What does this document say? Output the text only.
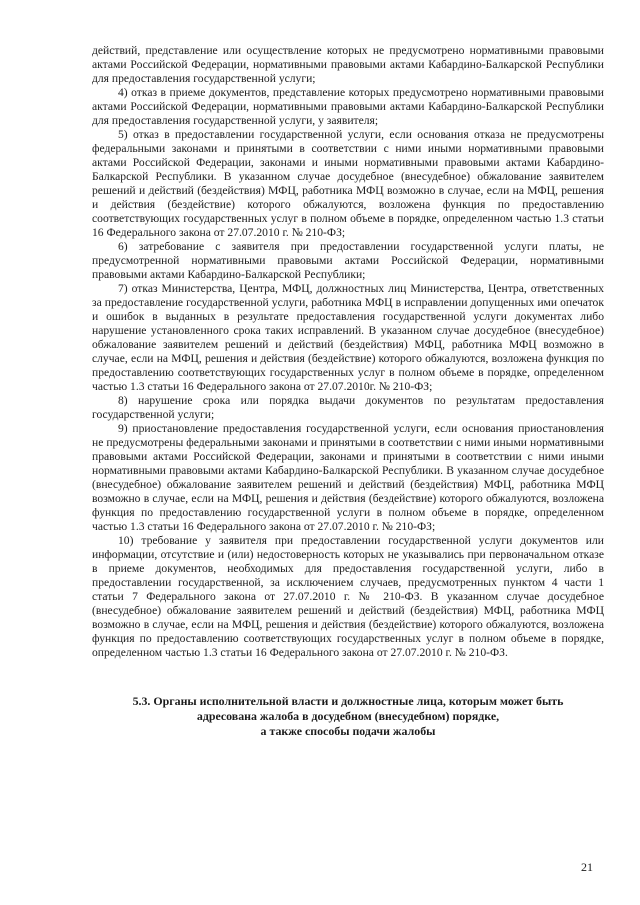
действий, представление или осуществление которых не предусмотрено нормативными правовыми актами Российской Федерации, нормативными правовыми актами Кабардино-Балкарской Республики для предоставления государственной услуги;

4) отказ в приеме документов, представление которых предусмотрено нормативными правовыми актами Российской Федерации, нормативными правовыми актами Кабардино-Балкарской Республики для предоставления государственной услуги, у заявителя;

5) отказ в предоставлении государственной услуги, если основания отказа не предусмотрены федеральными законами и принятыми в соответствии с ними иными нормативными правовыми актами Российской Федерации, законами и иными нормативными правовыми актами Кабардино-Балкарской Республики. В указанном случае досудебное (внесудебное) обжалование заявителем решений и действий (бездействия) МФЦ, работника МФЦ возможно в случае, если на МФЦ, решения и действия (бездействие) которого обжалуются, возложена функция по предоставлению соответствующих государственных услуг в полном объеме в порядке, определенном частью 1.3 статьи 16 Федерального закона от 27.07.2010 г. № 210-ФЗ;

6) затребование с заявителя при предоставлении государственной услуги платы, не предусмотренной нормативными правовыми актами Российской Федерации, нормативными правовыми актами Кабардино-Балкарской Республики;

7) отказ Министерства, Центра, МФЦ, должностных лиц Министерства, Центра, ответственных за предоставление государственной услуги, работника МФЦ в исправлении допущенных ими опечаток и ошибок в выданных в результате предоставления государственной услуги документах либо нарушение установленного срока таких исправлений. В указанном случае досудебное (внесудебное) обжалование заявителем решений и действий (бездействия) МФЦ, работника МФЦ возможно в случае, если на МФЦ, решения и действия (бездействие) которого обжалуются, возложена функция по предоставлению соответствующих государственных услуг в полном объеме в порядке, определенном частью 1.3 статьи 16 Федерального закона от 27.07.2010г. № 210-ФЗ;

8) нарушение срока или порядка выдачи документов по результатам предоставления государственной услуги;

9) приостановление предоставления государственной услуги, если основания приостановления не предусмотрены федеральными законами и принятыми в соответствии с ними иными нормативными правовыми актами Российской Федерации, законами и принятыми в соответствии с ними иными нормативными правовыми актами Кабардино-Балкарской Республики. В указанном случае досудебное (внесудебное) обжалование заявителем решений и действий (бездействия) МФЦ, работника МФЦ возможно в случае, если на МФЦ, решения и действия (бездействие) которого обжалуются, возложена функция по предоставлению государственной услуги в полном объеме в порядке, определенном частью 1.3 статьи 16 Федерального закона от 27.07.2010 г. № 210-ФЗ;

10) требование у заявителя при предоставлении государственной услуги документов или информации, отсутствие и (или) недостоверность которых не указывались при первоначальном отказе в приеме документов, необходимых для предоставления государственной услуги, либо в предоставлении государственной, за исключением случаев, предусмотренных пунктом 4 части 1 статьи 7 Федерального закона от 27.07.2010 г. № 210-ФЗ. В указанном случае досудебное (внесудебное) обжалование заявителем решений и действий (бездействия) МФЦ, работника МФЦ возможно в случае, если на МФЦ, решения и действия (бездействие) которого обжалуются, возложена функция по предоставлению соответствующих государственных услуг в полном объеме в порядке, определенном частью 1.3 статьи 16 Федерального закона от 27.07.2010 г. № 210-ФЗ.

5.3. Органы исполнительной власти и должностные лица, которым может быть
адресована жалоба в досудебном (внесудебном) порядке,
а также способы подачи жалобы
21
